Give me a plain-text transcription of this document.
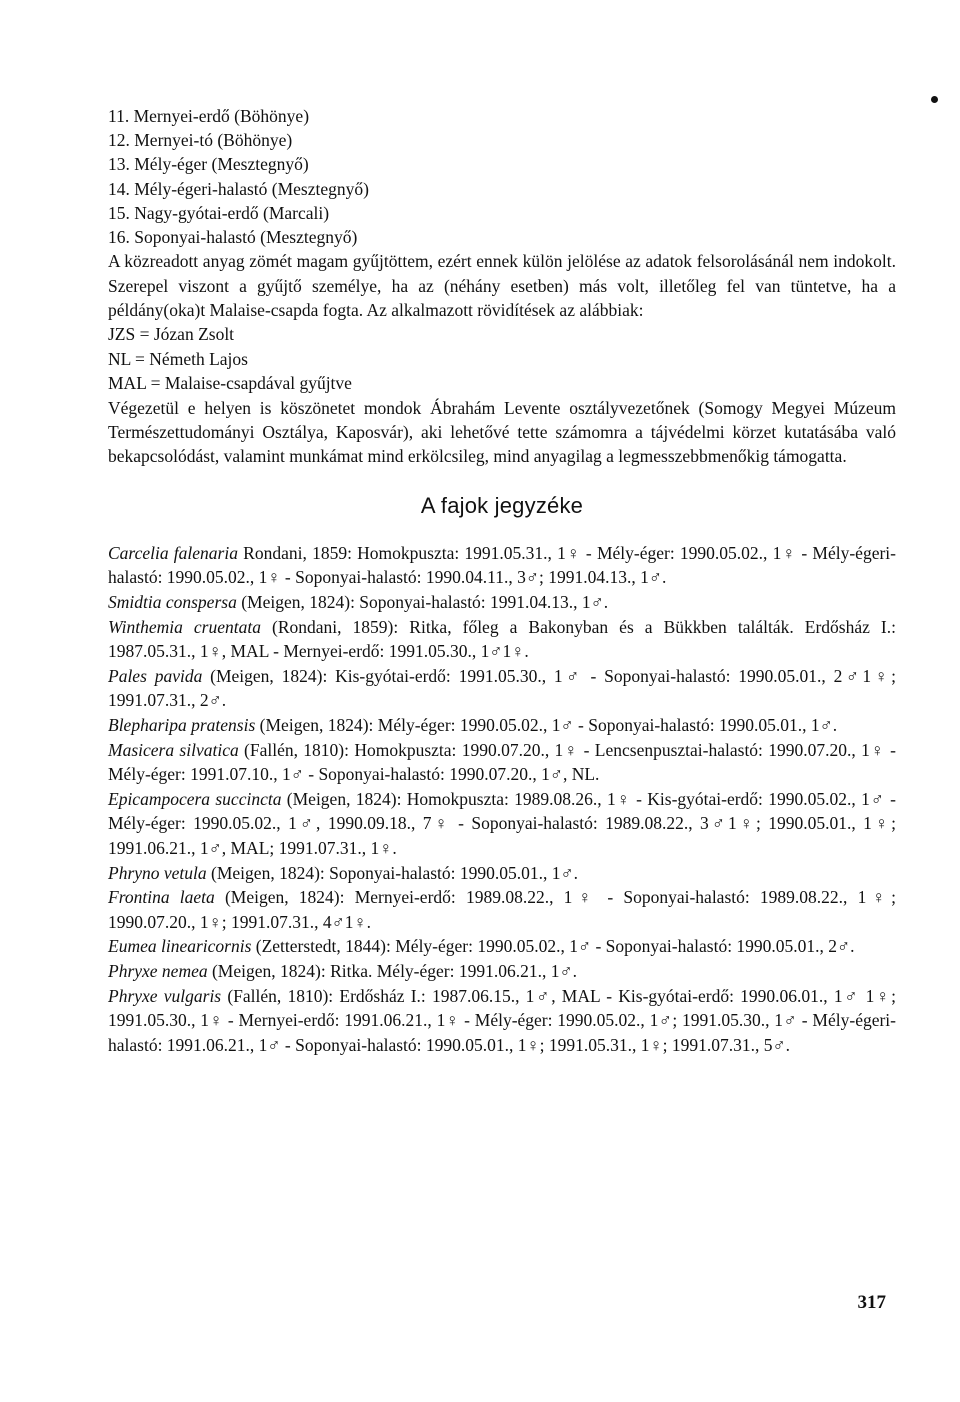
11. Mernyei-erdő (Böhönye)
12. Mernyei-tó (Böhönye)
13. Mély-éger (Mesztegnyő)
14. Mély-égeri-halastó (Mesztegnyő)
15. Nagy-gyótai-erdő (Marcali)
16. Soponyai-halastó (Mesztegnyő)
A közreadott anyag zömét magam gyűjtöttem, ezért ennek külön jelölése az adatok felsorolásánál nem indokolt. Szerepel viszont a gyűjtő személye, ha az (néhány esetben) más volt, illetőleg fel van tüntetve, ha a példány(oka)t Malaise-csapda fogta. Az alkalmazott rövidítések az alábbiak:
JZS = Józan Zsolt
NL = Németh Lajos
MAL = Malaise-csapdával gyűjtve
Végezetül e helyen is köszönetet mondok Ábrahám Levente osztályvezetőnek (Somogy Megyei Múzeum Természettudományi Osztálya, Kaposvár), aki lehetővé tette számomra a tájvédelmi körzet kutatásába való bekapcsolódást, valamint munkámat mind erkölcsileg, mind anyagilag a legmesszebbmenőkig támogatta.
A fajok jegyzéke
Carcelia falenaria Rondani, 1859: Homokpuszta: 1991.05.31., 1♀ - Mély-éger: 1990.05.02., 1♀ - Mély-égeri-halastó: 1990.05.02., 1♀ - Soponyai-halastó: 1990.04.11., 3♂; 1991.04.13., 1♂.
Smidtia conspersa (Meigen, 1824): Soponyai-halastó: 1991.04.13., 1♂.
Winthemia cruentata (Rondani, 1859): Ritka, főleg a Bakonyban és a Bükkben találták. Erdősház I.: 1987.05.31., 1♀, MAL - Mernyei-erdő: 1991.05.30., 1♂1♀.
Pales pavida (Meigen, 1824): Kis-gyótai-erdő: 1991.05.30., 1♂ - Soponyai-halastó: 1990.05.01., 2♂1♀; 1991.07.31., 2♂.
Blepharipa pratensis (Meigen, 1824): Mély-éger: 1990.05.02., 1♂ - Soponyai-halastó: 1990.05.01., 1♂.
Masicera silvatica (Fallén, 1810): Homokpuszta: 1990.07.20., 1♀ - Lencsenpusztai-halastó: 1990.07.20., 1♀ - Mély-éger: 1991.07.10., 1♂ - Soponyai-halastó: 1990.07.20., 1♂, NL.
Epicampocera succincta (Meigen, 1824): Homokpuszta: 1989.08.26., 1♀ - Kis-gyótai-erdő: 1990.05.02., 1♂ - Mély-éger: 1990.05.02., 1♂, 1990.09.18., 7♀ - Soponyai-halastó: 1989.08.22., 3♂1♀; 1990.05.01., 1♀; 1991.06.21., 1♂, MAL; 1991.07.31., 1♀.
Phryno vetula (Meigen, 1824): Soponyai-halastó: 1990.05.01., 1♂.
Frontina laeta (Meigen, 1824): Mernyei-erdő: 1989.08.22., 1♀ - Soponyai-halastó: 1989.08.22., 1♀; 1990.07.20., 1♀; 1991.07.31., 4♂1♀.
Eumea linearicornis (Zetterstedt, 1844): Mély-éger: 1990.05.02., 1♂ - Soponyai-halastó: 1990.05.01., 2♂.
Phryxe nemea (Meigen, 1824): Ritka. Mély-éger: 1991.06.21., 1♂.
Phryxe vulgaris (Fallén, 1810): Erdősház I.: 1987.06.15., 1♂, MAL - Kis-gyótai-erdő: 1990.06.01., 1♂ 1♀; 1991.05.30., 1♀ - Mernyei-erdő: 1991.06.21., 1♀ - Mély-éger: 1990.05.02., 1♂; 1991.05.30., 1♂ - Mély-égeri-halastó: 1991.06.21., 1♂ - Soponyai-halastó: 1990.05.01., 1♀; 1991.05.31., 1♀; 1991.07.31., 5♂.
317
